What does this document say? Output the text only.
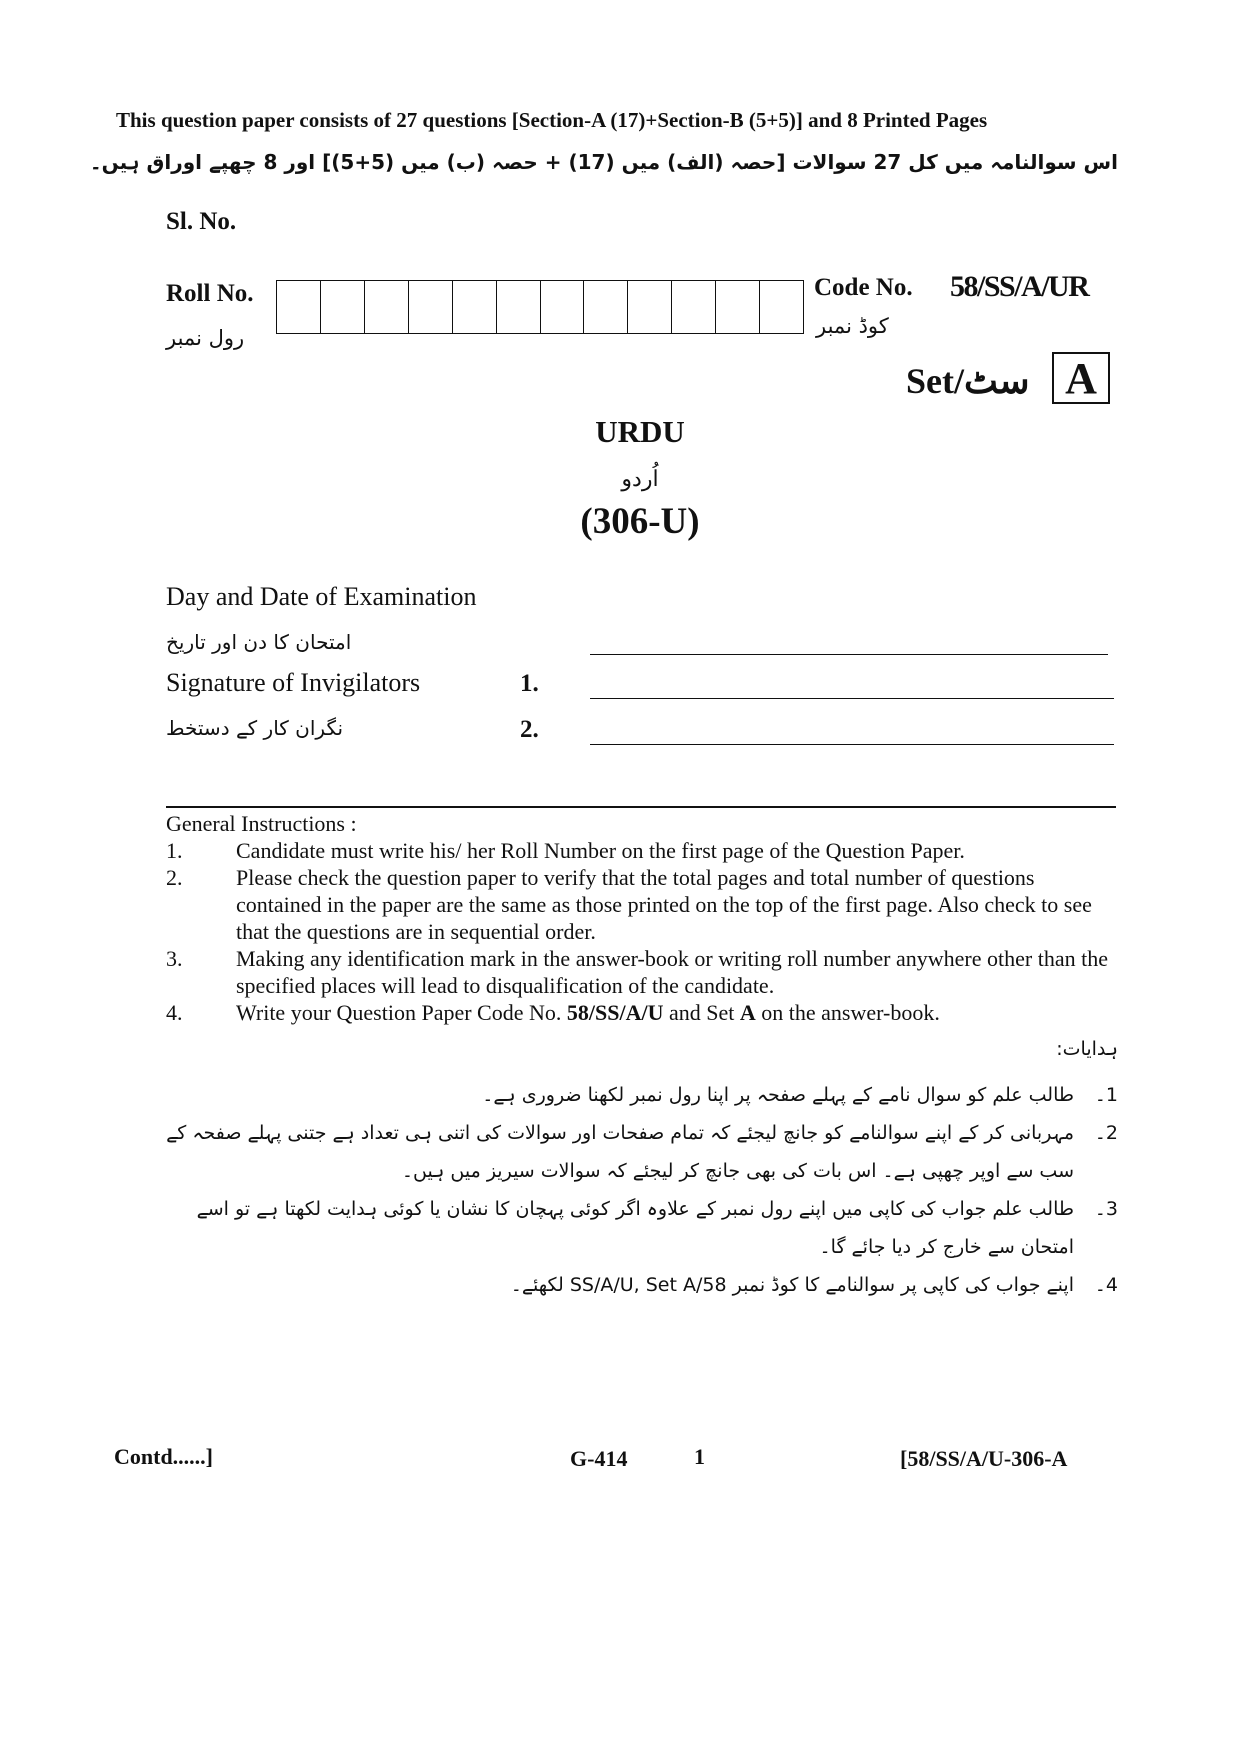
This question paper consists of 27 questions [Section-A (17)+Section-B (5+5)] and 8 Printed Pages
اس سوالنامہ میں کل 27 سوالات [حصہ (الف) میں (17) + حصہ (ب) میں (5+5)] اور 8 چھپے اوراق ہیں۔
Sl. No.
Roll No.
رول نمبر
Code No.
کوڈ نمبر
58/SS/A/UR
Set/سٹ A
URDU
اُردو
(306-U)
Day and Date of Examination
امتحان کا دن اور تاریخ
Signature of Invigilators	1.
نگران کار کے دستخط	2.
General Instructions :
1.	Candidate must write his/ her Roll Number on the first page of the Question Paper.
2.	Please check the question paper to verify that the total pages and total number of questions contained in the paper are the same as those printed on the top of the first page. Also check to see that the questions are in sequential order.
3.	Making any identification mark in the answer-book or writing roll number anywhere other than the specified places will lead to disqualification of the candidate.
4.	Write your Question Paper Code No. 58/SS/A/U and Set A on the answer-book.
ہدایات:
1۔
طالب علم کو سوال نامے کے پہلے صفحہ پر اپنا رول نمبر لکھنا ضروری ہے۔
2۔
مہربانی کر کے اپنے سوالنامے کو جانچ لیجئے کہ تمام صفحات اور سوالات کی اتنی ہی تعداد ہے جتنی پہلے صفحہ کے سب سے اوپر چھپی ہے۔ اس بات کی بھی جانچ کر لیجئے کہ سوالات سیریز میں ہیں۔
3۔
طالب علم جواب کی کاپی میں اپنے رول نمبر کے علاوہ اگر کوئی پہچان کا نشان یا کوئی ہدایت لکھتا ہے تو اسے امتحان سے خارج کر دیا جائے گا۔
4۔
اپنے جواب کی کاپی پر سوالنامے کا کوڈ نمبر 58/SS/A/U, Set A لکھئے۔
Contd......]	G-414	1	[58/SS/A/U-306-A
